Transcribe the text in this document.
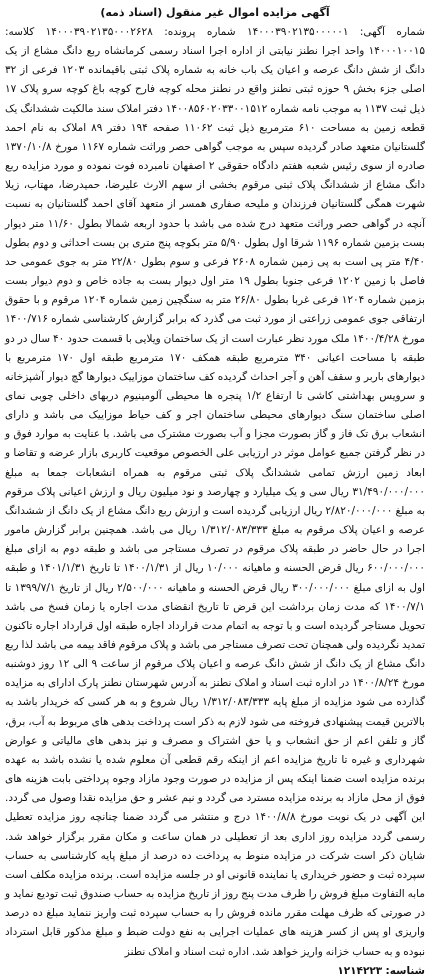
آگهی مزایده اموال غیر منقول (اسناد ذمه)

شماره آگهی: ۱۴۰۰۰۳۹۰۲۱۳۵۰۰۰۰۰۱ شماره پرونده: ۱۴۰۰۰۳۹۰۲۱۳۵۰۰۰۲۶۲۸ کلاسه: ۱۴۰۰۰۱۰۰۱۵ واحد اجرا نطنز نیابتی از اداره اجرا اسناد رسمی کرمانشاه ربع دانگ مشاع از یک دانگ از شش دانگ عرصه و اعیان یک باب خانه به شماره پلاک ثبتی باقیمانده ۱۲۰۳ فرعی از ۳۲ اصلی جزء بخش ۹ حوزه ثبتی نطنز واقع در نطنز محله کوچه فارح کوچه باغ کوچه سرو پلاک ۱۷ ذیل ثبت ۱۱۳۷ به موجب نامه شماره ۱۴۰۰۸۵۶۰۲۰۳۳۰۰۱۵۱۲ دفتر املاک سند مالکیت ششدانگ یک قطعه زمین به مساحت ۶۱۰ مترمربع ذیل ثبت ۱۱۰۶۲ صفحه ۱۹۴ دفتر ۸۹ املاک به نام احمد گلستانیان متعهد صادر گردیده سپس به موجب گواهی حصر وراثت شماره ۱۱۶۷ مورخ ۱۳۷۰/۱۰/۸ صادره از سوی رئیس شعبه هفتم دادگاه حقوقی ۲ اصفهان نامبرده فوت نموده و مورد مزایده ربع دانگ مشاع از ششدانگ پلاک ثبتی مرقوم بخشی از سهم الارث علیرضا، حمیدرضا، مهتاب، زیلا شهرت همگی گلستانیان فرزندان و ملیحه صفاری همسر از متعهد آقای احمد گلستانیان به نسبت آنچه در گواهی حصر وراثت متعهد درج شده می باشد با حدود اربعه شمالا بطول ۱۱/۶۰ متر دیوار بست بزمین شماره ۱۱۹۶ شرقا اول بطول ۵/۹۰ متر بکوچه پنج متری بن بست احداثی و دوم بطول ۴/۴۰ متر پی است به پی زمین شماره ۲۶۰۸ فرعی و سوم بطول ۲۲/۸۰ متر به جوی عمومی حد فاصل با زمین ۱۲۰۲ فرعی جنوبا بطول ۱۹ متر اول دیوار بست به جاده خاص و دوم دیوار بست بزمین شماره ۱۲۰۴ فرعی غربا بطول ۲۶/۸۰ متر به سنگچین زمین شماره ۱۲۰۴ مرقوم و با حقوق ارتفاقی جوی عمومی زراعتی از مورد ثبت می گذرد که برابر گزارش کارشناسی شماره ۱۴۰۰/۷۱۶ مورخ ۱۴۰۰/۴/۲۸ ملک مورد نظر عبارت است از یک ساختمان ویلایی با قسمت حدود ۴۰ سال در دو طبقه با مساحت اعیانی ۳۴۰ مترمربع طبقه همکف ۱۷۰ مترمربع طبقه اول ۱۷۰ مترمربع با دیوارهای باربر و سقف آهن و آجر احداث گردیده کف ساختمان موزاییک دیوارها گچ دیوار آشپزخانه و سرویس بهداشتی کاشی تا ارتفاع ۱/۲ پنجره ها محیطی آلومینیوم دربهای داخلی چوبی نمای اصلی ساختمان سنگ دیوارهای محیطی ساختمان اجر و کف حیاط موزاییک می باشد و دارای انشعاب برق تک فاز و گاز بصورت مجزا و آب بصورت مشترک می باشد. با عنایت به موارد فوق و در نظر گرفتن جمیع عوامل موثر در ارزیابی علی الخصوص موقعیت کاربری بازار عرضه و تقاضا و ابعاد زمین ارزش تمامی ششدانگ پلاک ثبتی مرقوم به همراه انشعابات جمعا به مبلغ ۳۱/۴۹۰/۰۰۰/۰۰۰ ریال سی و یک میلیارد و چهارصد و نود میلیون ریال و ارزش اعیانی پلاک مرقوم به مبلغ ۲/۸۲۰/۰۰۰/۰۰۰ ریال ارزیابی گردیده است و ارزش ربع دانگ مشاع از یک دانگ از ششدانگ عرصه و اعیان پلاک مرقوم به مبلغ ۱/۳۱۲/۰۸۳/۳۳۳ ریال می باشد. همچنین برابر گزارش مامور اجرا در حال حاضر در طبقه پلاک مرقوم در تصرف مستاجر می باشد و طبقه دوم به ازای مبلغ ۶۰۰/۰۰۰/۰۰۰ ریال قرض الحسنه و ماهیانه ۱۰/۰۰۰ ریال از ۱۴۰۰/۱/۳۱ تا تاریخ ۱۴۰۱/۱/۳۱ و طبقه اول به ازای مبلغ ۳۰۰/۰۰۰/۰۰۰ ریال قرض الحسنه و ماهیانه ۲/۵۰۰/۰۰۰ ریال از تاریخ ۱۳۹۹/۷/۱ تا ۱۴۰۰/۷/۱ که مدت زمان برداشت این قرض تا تاریخ انقضای مدت اجاره یا زمان فسخ می باشد تحویل مستاجر گردیده است و با توجه به اتمام مدت قرارداد اجاره طبقه اول قرارداد اجاره تاکنون تمدید نگردیده ولی همچنان تحت تصرف مستاجر می باشد و پلاک مرقوم فاقد بیمه می باشد لذا ربع دانگ مشاع از یک دانگ از شش دانگ عرصه و اعیان پلاک مرقوم از ساعت ۹ الی ۱۲ روز دوشنبه مورخ ۱۴۰۰/۸/۲۴ در اداره ثبت اسناد و املاک نطنز به آدرس شهرستان نطنز پارک ادارای به مزایده گذارده می شود مزایده از مبلغ پایه ۱/۳۱۲/۰۸۳/۳۳۳ ریال شروع و به هر کسی که خریدار باشد به بالاترین قیمت پیشنهادی فروخته می شود لازم به ذکر است پرداخت بدهی های مربوط به آب، برق، گاز و تلفن اعم از حق انشعاب و یا حق اشتراک و مصرف و نیز بدهی های مالیاتی و عوارض شهرداری و غیره تا تاریخ مزایده اعم از اینکه رقم قطعی آن معلوم شده یا نشده باشد به عهده برنده مزایده است ضمنا اینکه پس از مزایده در صورت وجود مازاد وجوه پرداختی بابت هزینه های فوق از محل مازاد به برنده مزایده مسترد می گردد و نیم عشر و حق مزایده نقدا وصول می گردد. این آگهی در یک نوبت مورخ ۱۴۰۰/۸/۸ درج و منتشر می گردد ضمنا چنانچه روز مزایده تعطیل رسمی گردد مزایده روز اداری بعد از تعطیلی در همان ساعت و مکان مقرر برگزار خواهد شد. شایان ذکر است شرکت در مزایده منوط به پرداخت ده درصد از مبلغ پایه کارشناسی به حساب سپرده ثبت و حضور خریداری یا نماینده قانونی او در جلسه مزایده است. برنده مزایده مکلف است مابه التفاوت مبلغ فروش را ظرف مدت پنج روز از تاریخ مزایده به حساب صندوق ثبت تودیع نماید و در صورتی که ظرف مهلت مقرر مانده فروش را به حساب سپرده ثبت واریز ننماید مبلغ ده درصد واریزی او پس از کسر هزینه های عملیات اجرایی به نفع دولت ضبط و مبلغ مذکور قابل استرداد نبوده و به حساب خزانه واریز خواهد شد. اداره ثبت اسناد و املاک نطنز

شناسه: ۱۲۱۴۲۲۳
